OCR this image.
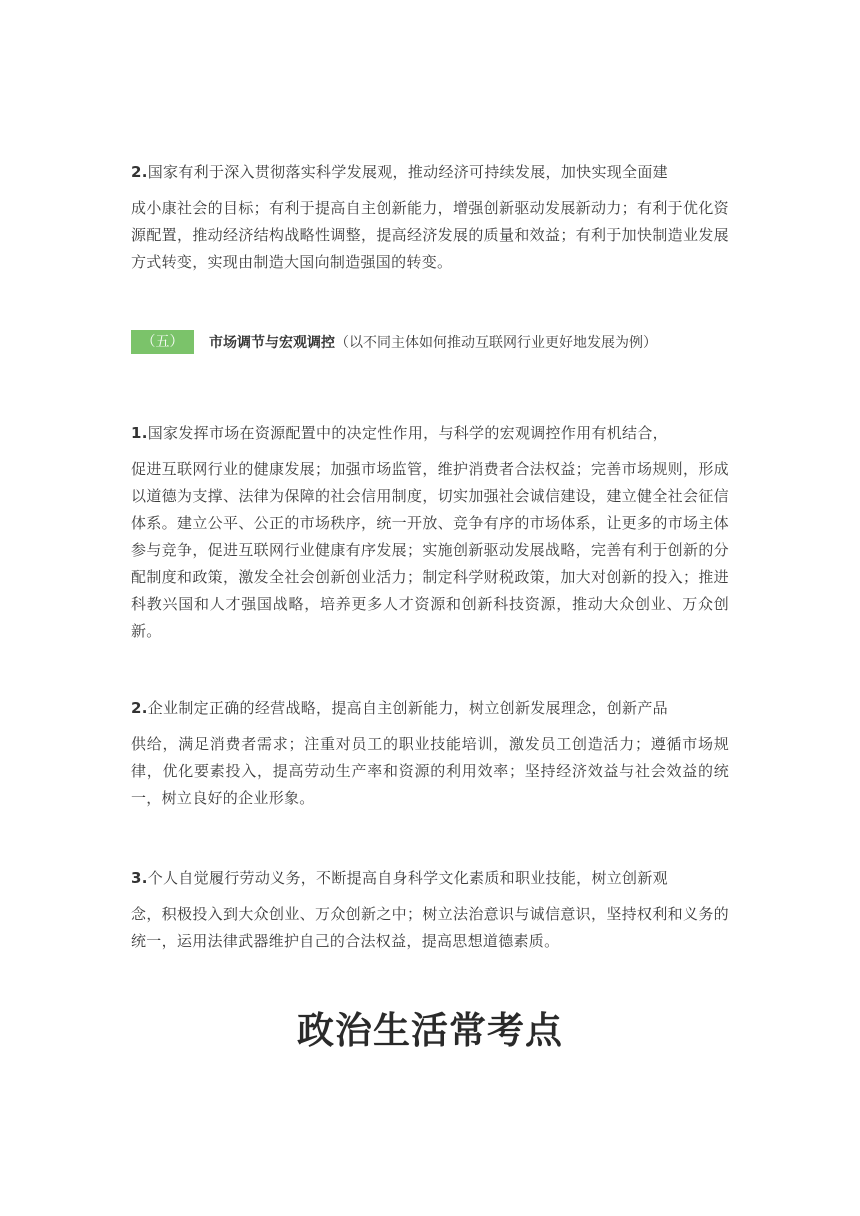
2.国家有利于深入贯彻落实科学发展观，推动经济可持续发展，加快实现全面建
成小康社会的目标；有利于提高自主创新能力，增强创新驱动发展新动力；有利于优化资源配置，推动经济结构战略性调整，提高经济发展的质量和效益；有利于加快制造业发展方式转变，实现由制造大国向制造强国的转变。
（五）	市场调节与宏观调控 （以不同主体如何推动互联网行业更好地发展为例）
1.国家发挥市场在资源配置中的决定性作用，与科学的宏观调控作用有机结合，
促进互联网行业的健康发展；加强市场监管，维护消费者合法权益；完善市场规则，形成以道德为支撑、法律为保障的社会信用制度，切实加强社会诚信建设，建立健全社会征信体系。建立公平、公正的市场秩序，统一开放、竞争有序的市场体系，让更多的市场主体参与竞争，促进互联网行业健康有序发展；实施创新驱动发展战略，完善有利于创新的分配制度和政策，激发全社会创新创业活力；制定科学财税政策，加大对创新的投入；推进科教兴国和人才强国战略，培养更多人才资源和创新科技资源，推动大众创业、万众创新。
2.企业制定正确的经营战略，提高自主创新能力，树立创新发展理念，创新产品
供给，满足消费者需求；注重对员工的职业技能培训，激发员工创造活力；遵循市场规律，优化要素投入，提高劳动生产率和资源的利用效率；坚持经济效益与社会效益的统一，树立良好的企业形象。
3.个人自觉履行劳动义务，不断提高自身科学文化素质和职业技能，树立创新观
念，积极投入到大众创业、万众创新之中；树立法治意识与诚信意识，坚持权利和义务的统一，运用法律武器维护自己的合法权益，提高思想道德素质。
政治生活常考点
